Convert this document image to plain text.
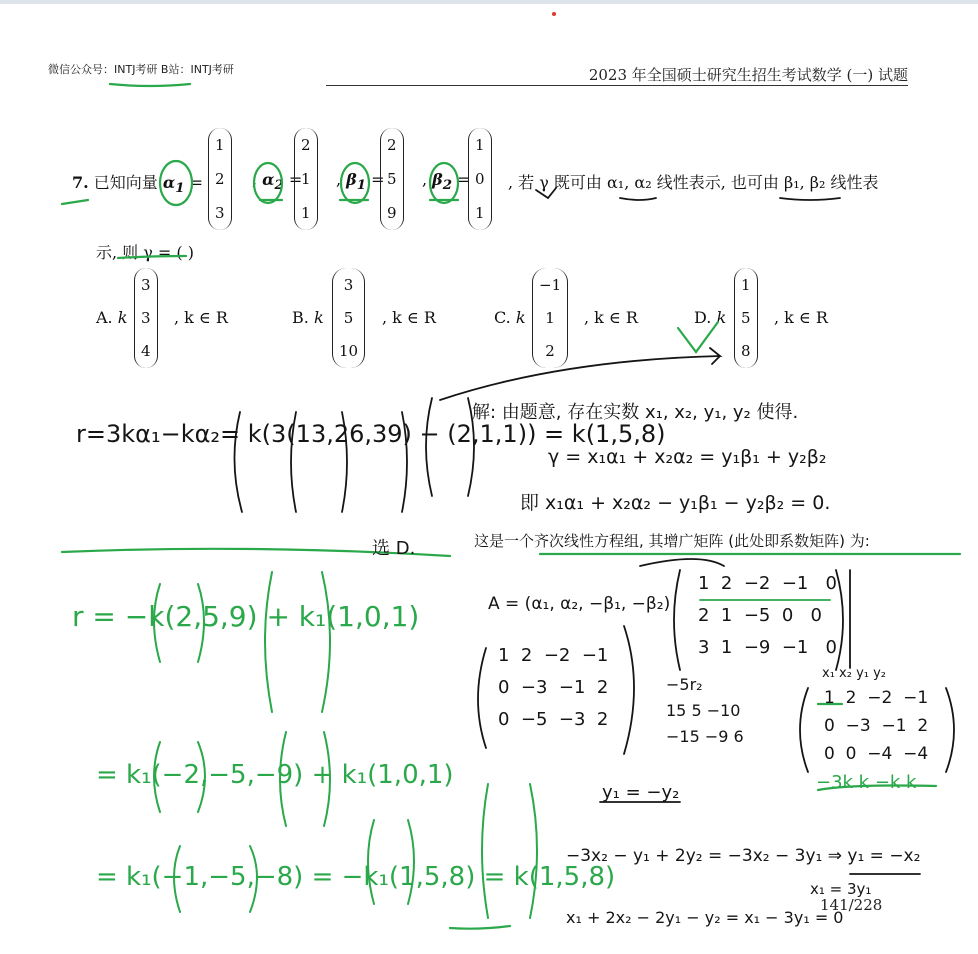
微信公众号：INTJ考研 B站：INTJ考研	2023 年全国硕士研究生招生考试数学 (一) 试题
7. 已知向量 $\alpha_1$ =
1
2
3
, $\alpha_2$ =
2
1
1
, $\beta_1$ =
2
5
9
, $\beta_2$ =
1
0
1
, 若 γ 既可由 α₁, α₂ 线性表示, 也可由 β₁, β₂ 线性表
示, 则 γ = ( )
A. k
3
3
4
, k ∈ R	B. k
3
5
10
, k ∈ R	C. k
−1
1
2
, k ∈ R	D. k
1
5
8
, k ∈ R
r=3kα₁−kα₂= k(3(13,26,39) − (2,1,1)) = k(1,5,8)
解: 由题意, 存在实数 x₁, x₂, y₁, y₂ 使得.
γ = x₁α₁ + x₂α₂ = y₁β₁ + y₂β₂
即 x₁α₁ + x₂α₂ − y₁β₁ − y₂β₂ = 0.
选 D.	这是一个齐次线性方程组, 其增广矩阵 (此处即系数矩阵) 为:
A = (α₁, α₂, −β₁, −β₂)
1 2 −2 −1 0
2 1 −5 0 0
3 1 −9 −1 0
1 2 −2 −1
0 −3 −1 2
0 −5 −3 2
−5r₂
15 5 −10
−15 −9 6
x₁ x₂ y₁ y₂
1 2 −2 −1
0 −3 −1 2
0 0 −4 −4
−3k k −k k
y₁ = −y₂
−3x₂ − y₁ + 2y₂ = −3x₂ − 3y₁ ⇒ y₁ = −x₂
x₁ = 3y₁
x₁ + 2x₂ − 2y₁ − y₂ = x₁ − 3y₁ = 0
r = −k(2,5,9) + k₁(1,0,1)
= k₁(−2,−5,−9) + k₁(1,0,1)
= k₁(−1,−5,−8) = −k₁(1,5,8) = k(1,5,8)
141/228
